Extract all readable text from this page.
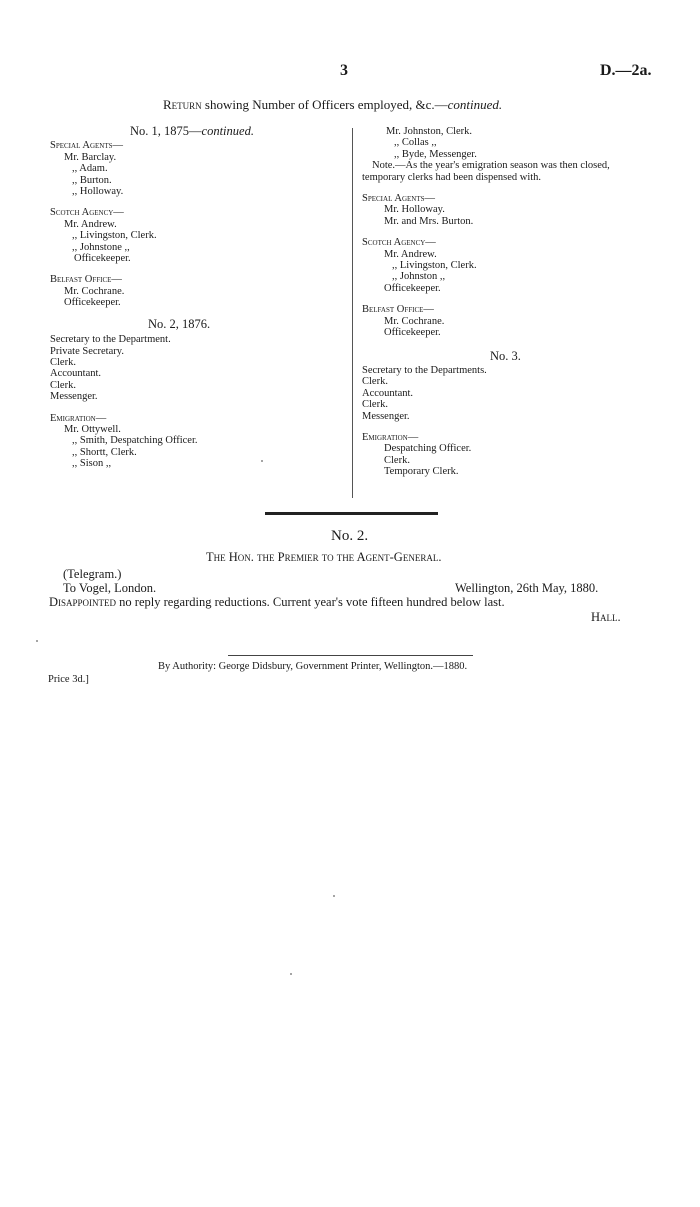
3	D.—2a.
Return showing Number of Officers employed, &c.—continued.
No. 1, 1875—continued.
Special Agents—
Mr. Barclay.
,, Adam.
,, Burton.
,, Holloway.
Scotch Agency—
Mr. Andrew.
,, Livingston, Clerk.
,, Johnstone ,,
Officekeeper.
Belfast Office—
Mr. Cochrane.
Officekeeper.
No. 2, 1876.
Secretary to the Department.
Private Secretary.
Clerk.
Accountant.
Clerk.
Messenger.
Emigration—
Mr. Ottywell.
,, Smith, Despatching Officer.
,, Shortt, Clerk.
,, Sison ,,
Mr. Johnston, Clerk.
,, Collas ,,
,, Byde, Messenger.
Note.—As the year's emigration season was then closed,
temporary clerks had been dispensed with.
Special Agents—
Mr. Holloway.
Mr. and Mrs. Burton.
Scotch Agency—
Mr. Andrew.
,, Livingston, Clerk.
,, Johnston ,,
Officekeeper.
Belfast Office—
Mr. Cochrane.
Officekeeper.
No. 3.
Secretary to the Departments.
Clerk.
Accountant.
Clerk.
Messenger.
Emigration—
Despatching Officer.
Clerk.
Temporary Clerk.
No. 2.
The Hon. the Premier to the Agent-General.
(Telegram.)
To Vogel, London.	Wellington, 26th May, 1880.
Disappointed no reply regarding reductions. Current year's vote fifteen hundred below last.
Hall.
By Authority: George Didsbury, Government Printer, Wellington.—1880.
Price 3d.]
